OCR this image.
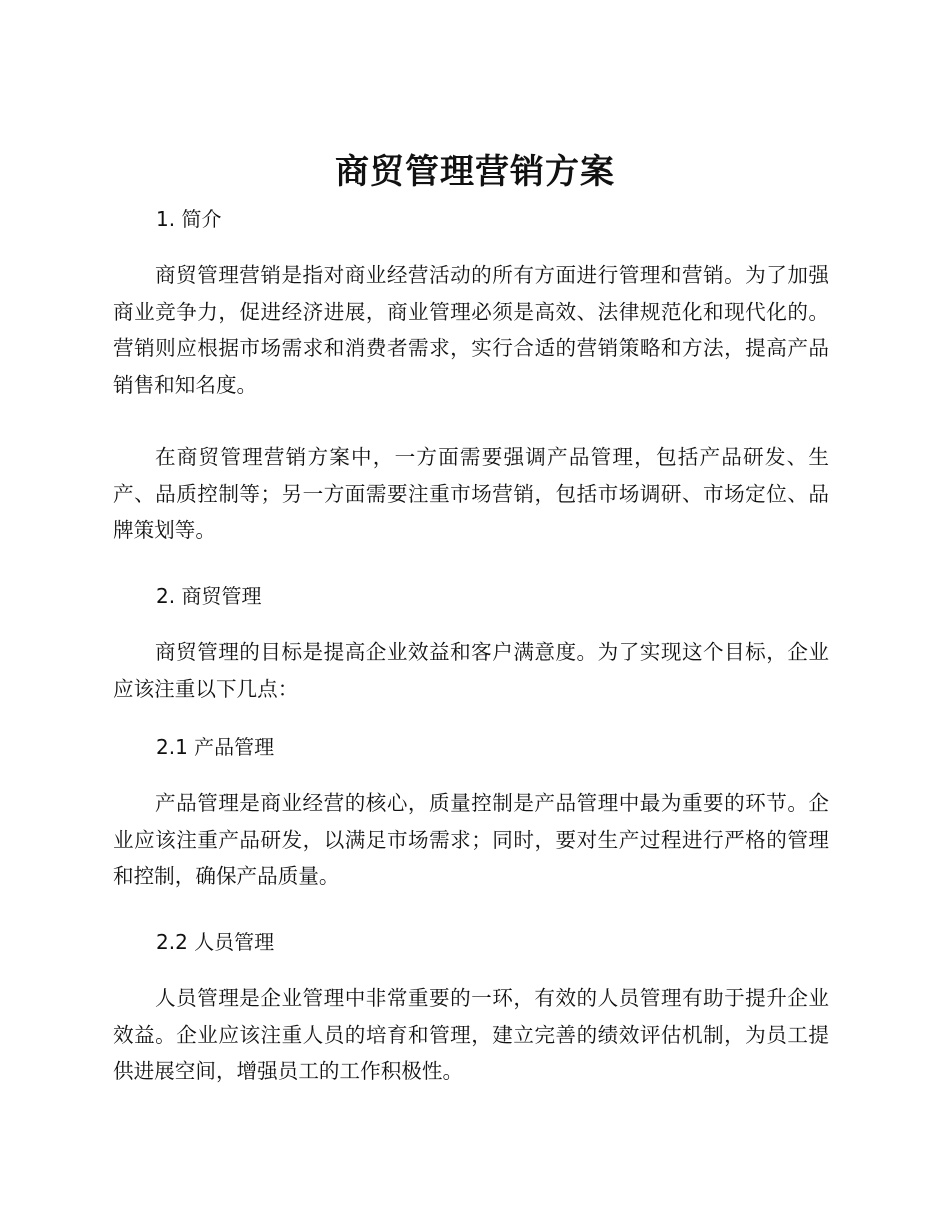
商贸管理营销方案
1. 简介

商贸管理营销是指对商业经营活动的所有方面进行管理和营销。为了加强商业竞争力，促进经济进展，商业管理必须是高效、法律规范化和现代化的。营销则应根据市场需求和消费者需求，实行合适的营销策略和方法，提高产品销售和知名度。

在商贸管理营销方案中，一方面需要强调产品管理，包括产品研发、生产、品质控制等；另一方面需要注重市场营销，包括市场调研、市场定位、品牌策划等。

2. 商贸管理

商贸管理的目标是提高企业效益和客户满意度。为了实现这个目标，企业应该注重以下几点：

2.1 产品管理

产品管理是商业经营的核心，质量控制是产品管理中最为重要的环节。企业应该注重产品研发，以满足市场需求；同时，要对生产过程进行严格的管理和控制，确保产品质量。

2.2 人员管理

人员管理是企业管理中非常重要的一环，有效的人员管理有助于提升企业效益。企业应该注重人员的培育和管理，建立完善的绩效评估机制，为员工提供进展空间，增强员工的工作积极性。
